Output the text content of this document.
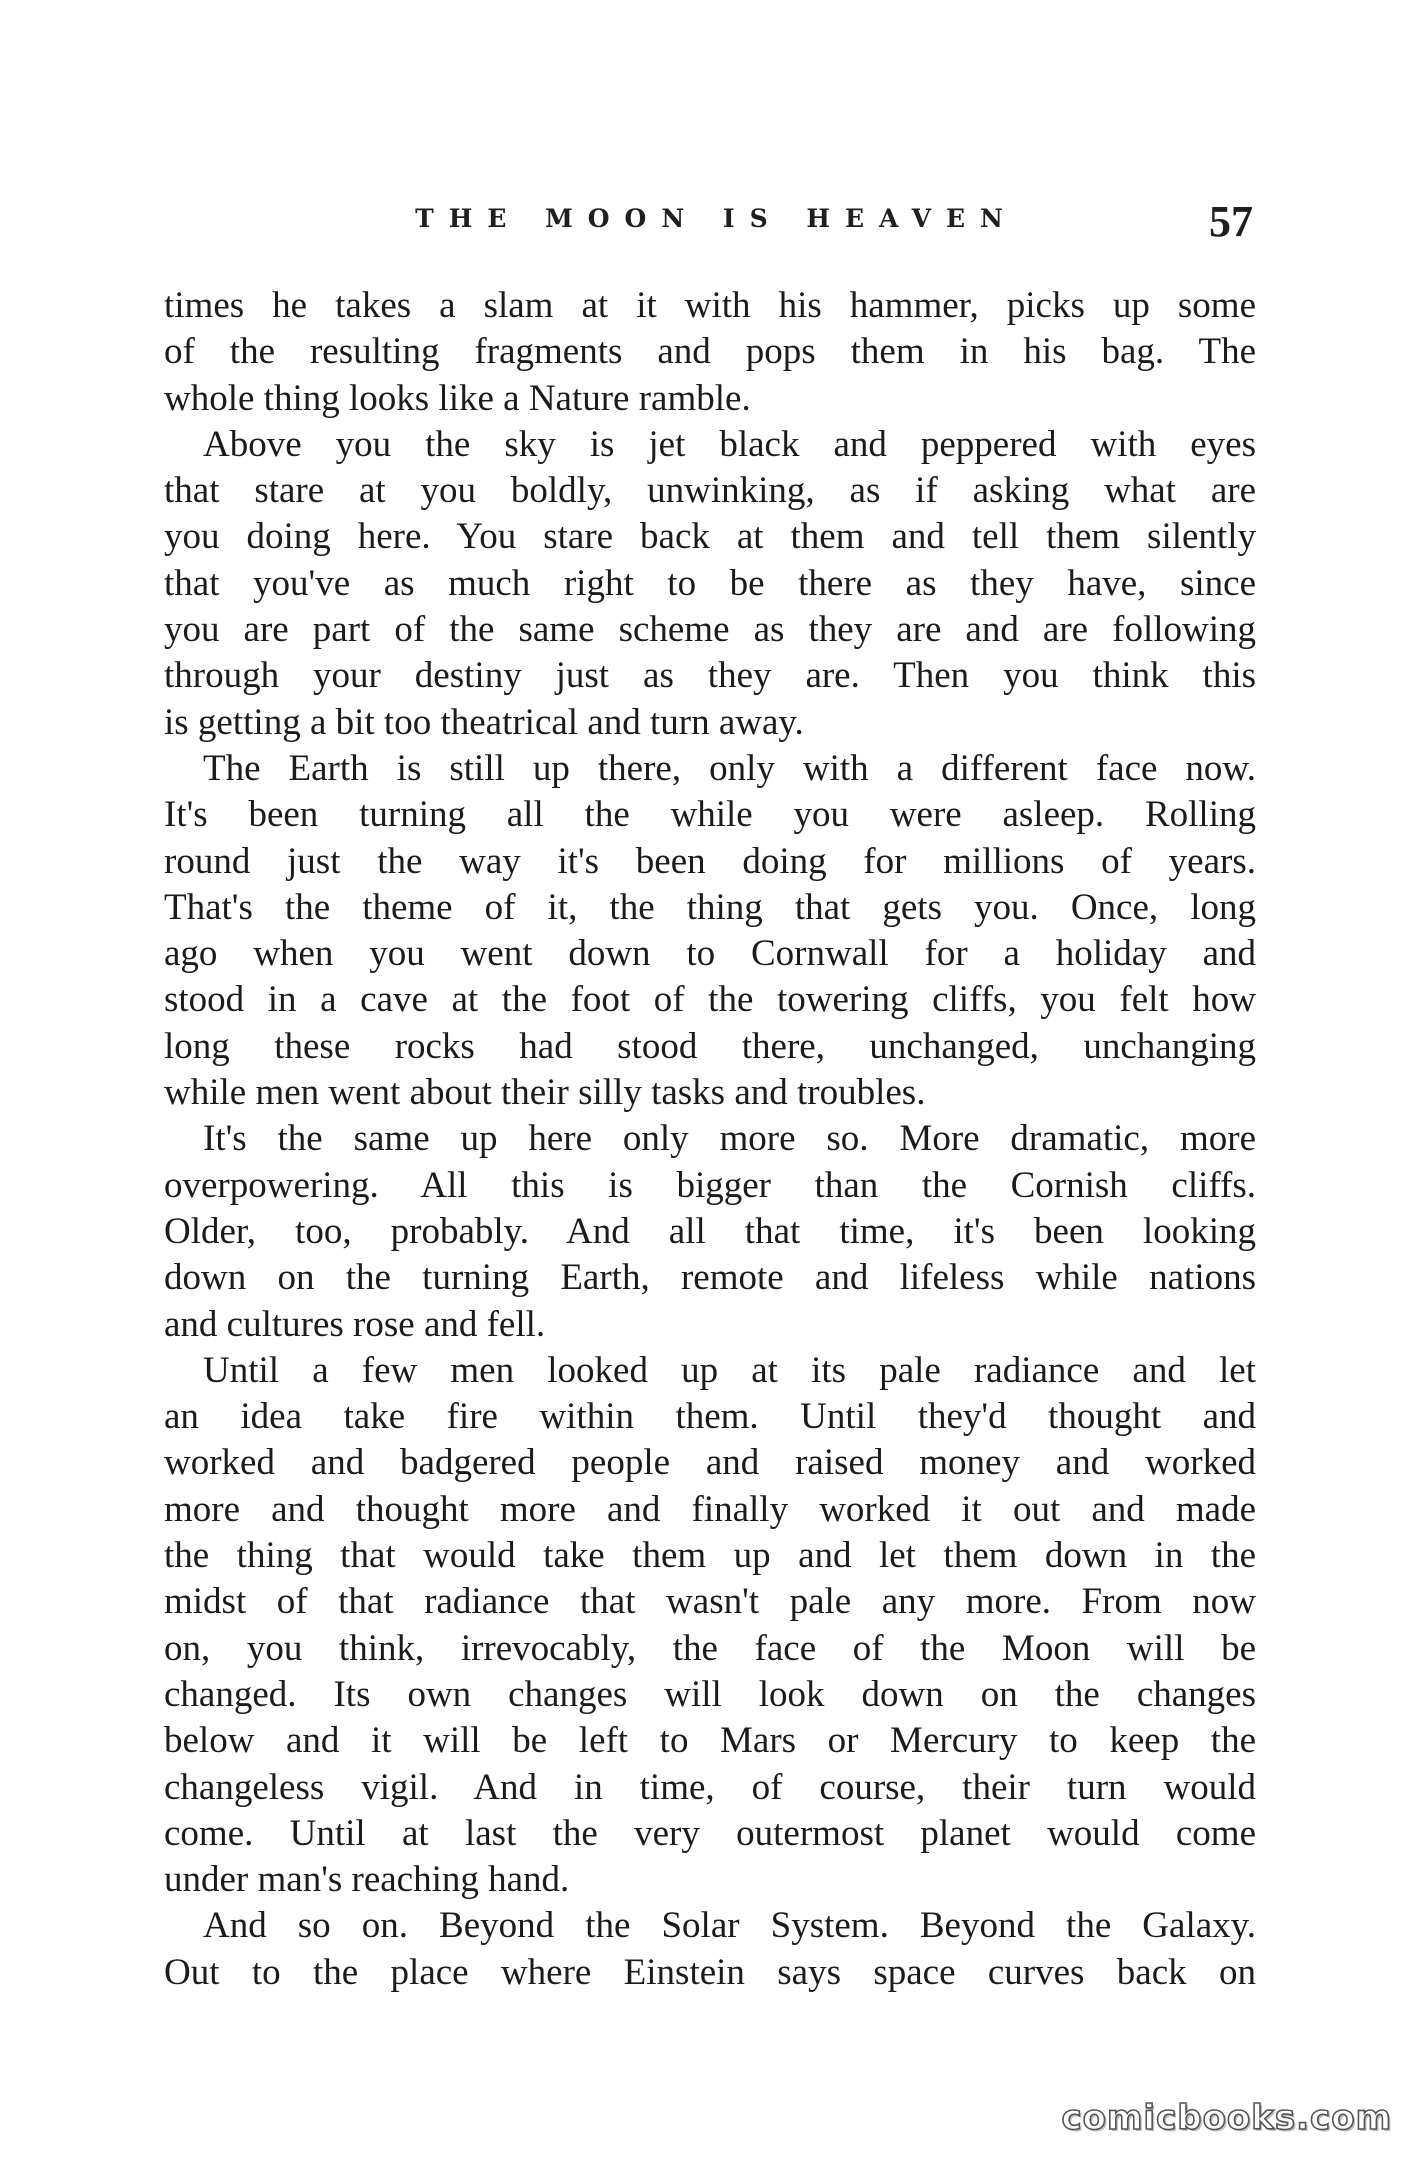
THE MOON IS HEAVEN	57
times he takes a slam at it with his hammer, picks up some
of the resulting fragments and pops them in his bag. The
whole thing looks like a Nature ramble.
Above you the sky is jet black and peppered with eyes
that stare at you boldly, unwinking, as if asking what are
you doing here. You stare back at them and tell them silently
that you've as much right to be there as they have, since
you are part of the same scheme as they are and are following
through your destiny just as they are. Then you think this
is getting a bit too theatrical and turn away.
The Earth is still up there, only with a different face now.
It's been turning all the while you were asleep. Rolling
round just the way it's been doing for millions of years.
That's the theme of it, the thing that gets you. Once, long
ago when you went down to Cornwall for a holiday and
stood in a cave at the foot of the towering cliffs, you felt how
long these rocks had stood there, unchanged, unchanging
while men went about their silly tasks and troubles.
It's the same up here only more so. More dramatic, more
overpowering. All this is bigger than the Cornish cliffs.
Older, too, probably. And all that time, it's been looking
down on the turning Earth, remote and lifeless while nations
and cultures rose and fell.
Until a few men looked up at its pale radiance and let
an idea take fire within them. Until they'd thought and
worked and badgered people and raised money and worked
more and thought more and finally worked it out and made
the thing that would take them up and let them down in the
midst of that radiance that wasn't pale any more. From now
on, you think, irrevocably, the face of the Moon will be
changed. Its own changes will look down on the changes
below and it will be left to Mars or Mercury to keep the
changeless vigil. And in time, of course, their turn would
come. Until at last the very outermost planet would come
under man's reaching hand.
And so on. Beyond the Solar System. Beyond the Galaxy.
Out to the place where Einstein says space curves back on
comicbooks.com
